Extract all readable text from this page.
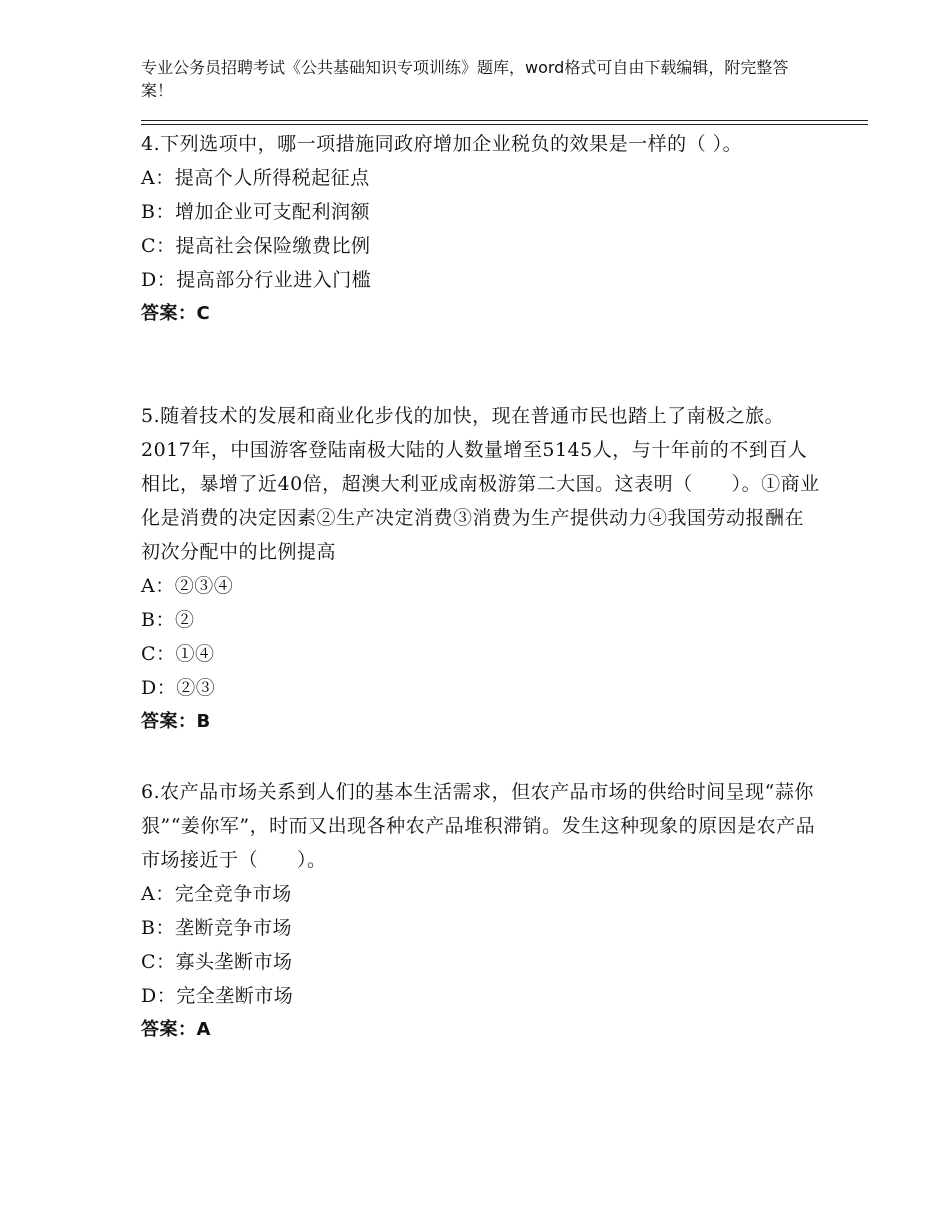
专业公务员招聘考试《公共基础知识专项训练》题库，word格式可自由下载编辑，附完整答案！

4.下列选项中，哪一项措施同政府增加企业税负的效果是一样的（ ）。

A：提高个人所得税起征点

B：增加企业可支配利润额

C：提高社会保险缴费比例

D：提高部分行业进入门槛

答案：C

5.随着技术的发展和商业化步伐的加快，现在普通市民也踏上了南极之旅。2017年，中国游客登陆南极大陆的人数量增至5145人，与十年前的不到百人相比，暴增了近40倍，超澳大利亚成南极游第二大国。这表明（　　）。①商业化是消费的决定因素②生产决定消费③消费为生产提供动力④我国劳动报酬在初次分配中的比例提高

A：②③④

B：②

C：①④

D：②③

答案：B

6.农产品市场关系到人们的基本生活需求，但农产品市场的供给时间呈现“蒜你狠”“姜你军”，时而又出现各种农产品堆积滞销。发生这种现象的原因是农产品市场接近于（　　）。

A：完全竞争市场

B：垄断竞争市场

C：寡头垄断市场

D：完全垄断市场

答案：A
